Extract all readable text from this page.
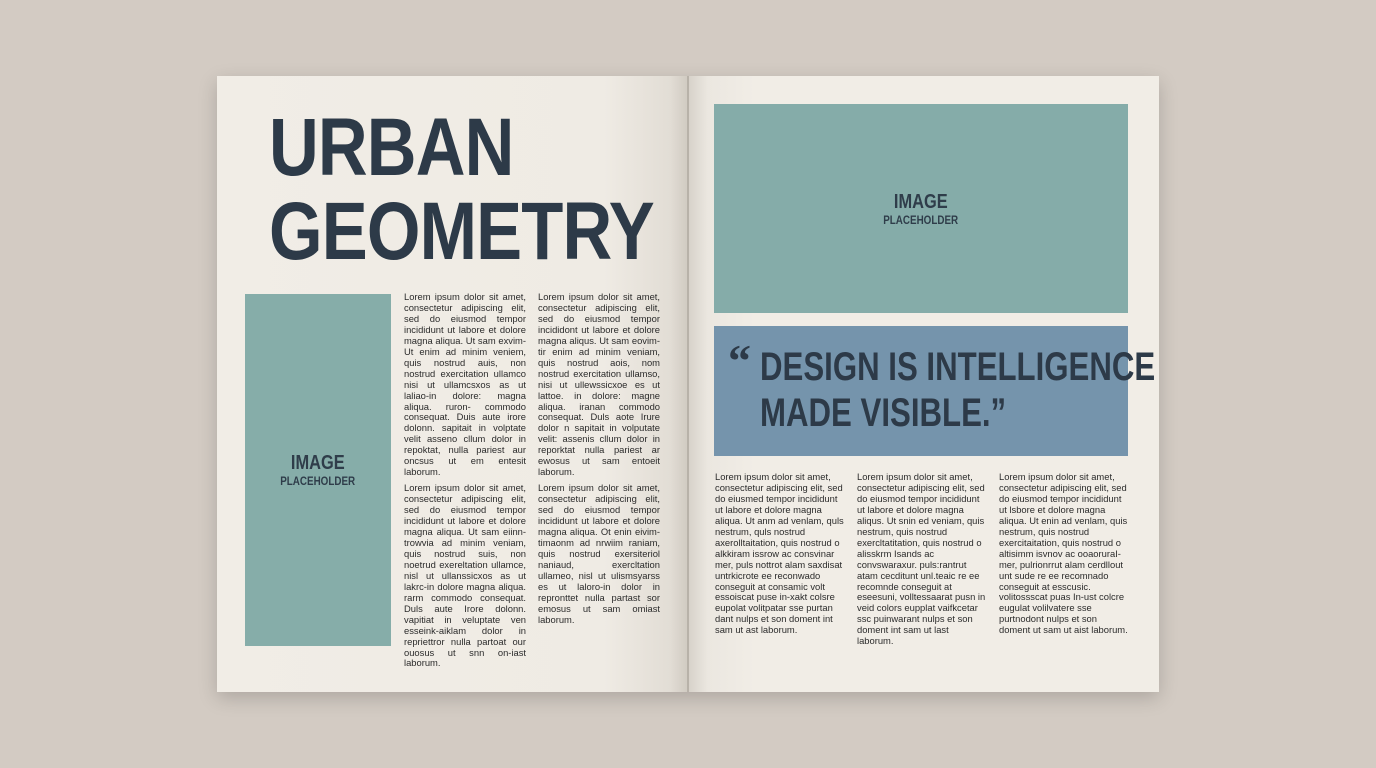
URBAN
GEOMETRY
IMAGE
PLACEHOLDER

Lorem ipsum dolor sit amet, consectetur adipiscing elit, sed do eiusmod tempor incididunt ut labore et dolore magna aliqua. Ut sam exvim- Ut enim ad minim veniem, quis nostrud auis, non nostrud exercitation ullamco nisi ut ullamcsxos as ut laliao-in dolore: magna aliqua. ruron- commodo consequat. Duis aute irore dolonn. sapitait in volptate velit asseno cllum dolor in repoktat, nulla pariest aur oncsus ut em entesit laborum.

Lorem ipsum dolor sit amet, consectetur adipiscing elit, sed do eiusmod tempor incididunt ut labore et dolore magna aliqua. Ut sam eiinn- trowvia ad minim veniam, quis nostrud suis, non noetrud exereltation ullamce, nisl ut ullanssicxos as ut lakrc-in dolore magna aliqua. rarm commodo consequat. Duls aute Irore dolonn. vapitiat in veluptate ven esseink-aiklam dolor in repriettror nulla partoat our ouosus ut snn on-iast laborum.

Lorem ipsum dolor sit amet, consectetur adipiscing elit, sed do eiusmod tempor incididont ut labore et dolore magna aliqus. Ut sam eovim- tir enim ad minim veniam, quis nostrud aois, nom nostrud exercitation ullamso, nisi ut ullewssicxoe es ut lattoe. in dolore: magne aliqua. iranan commodo consequat. Duls aote Irure dolor n sapitait in volputate velit: assenis cllum dolor in reporktat nulla pariest ar ewosus ut sam entoeit laborum.

Lorem ipsum dolor sit amet, consectetur adipiscing elit, sed do eiusmod tempor incididunt ut labore et dolore magna aliqua. Ot enin eivim- timaonm ad nrwiim raniam, quis nostrud exersiteriol naniaud, exercltation ullameo, nisl ut ulismsyarss es ut laloro-in dolor in repronttet nulla partast sor emosus ut sam omiast laborum.

IMAGE
PLACEHOLDER
“ DESIGN IS INTELLIGENCE
MADE VISIBLE.”

Lorem ipsum dolor sit amet, consectetur adipiscing elit, sed do eiusmed tempor incididunt ut labore et dolore magna aliqua. Ut anm ad venlam, quls nestrum, quls nostrud axerolltaitation, quis nostrud o alkkiram issrow ac consvinar mer, puls nottrot alam saxdisat untrkicrote ee reconwado conseguit at consamic volt essoiscat puse in-xakt colsre eupolat volitpatar sse purtan dant nulps et son doment int sam ut ast laborum.

Lorem ipsum dolor sit amet, consectetur adipiscing elit, sed do eiusmod tempor incididunt ut labore et dolore magna aliqus. Ut snin ed veniam, quis nestrum, quis nostrud exercltatitation, quis nostrud o alisskrm Isands ac convswaraxur. puls:rantrut atam cecditunt unl.teaic re ee recomnde conseguit at eseesuni, volltessaarat pusn in veid colors eupplat vaifkcetar ssc puinwarant nulps et son doment int sam ut last laborum.

Lorem ipsum dolor sit amet, consectetur adipiscing elit, sed do eiusmod tempor incididunt ut lsbore et dolore magna aliqua. Ut enin ad venlam, quis nestrum, quis nostrud exercitaitation, quis nostrud o altisimm isvnov ac ooaoruraI-mer, pulrionrrut alam cerdllout unt sude re ee recomnado conseguit at esscusic. volitossscat puas In-ust colcre eugulat volilvatere sse purtnodont nulps et son doment ut sam ut aist laborum.
